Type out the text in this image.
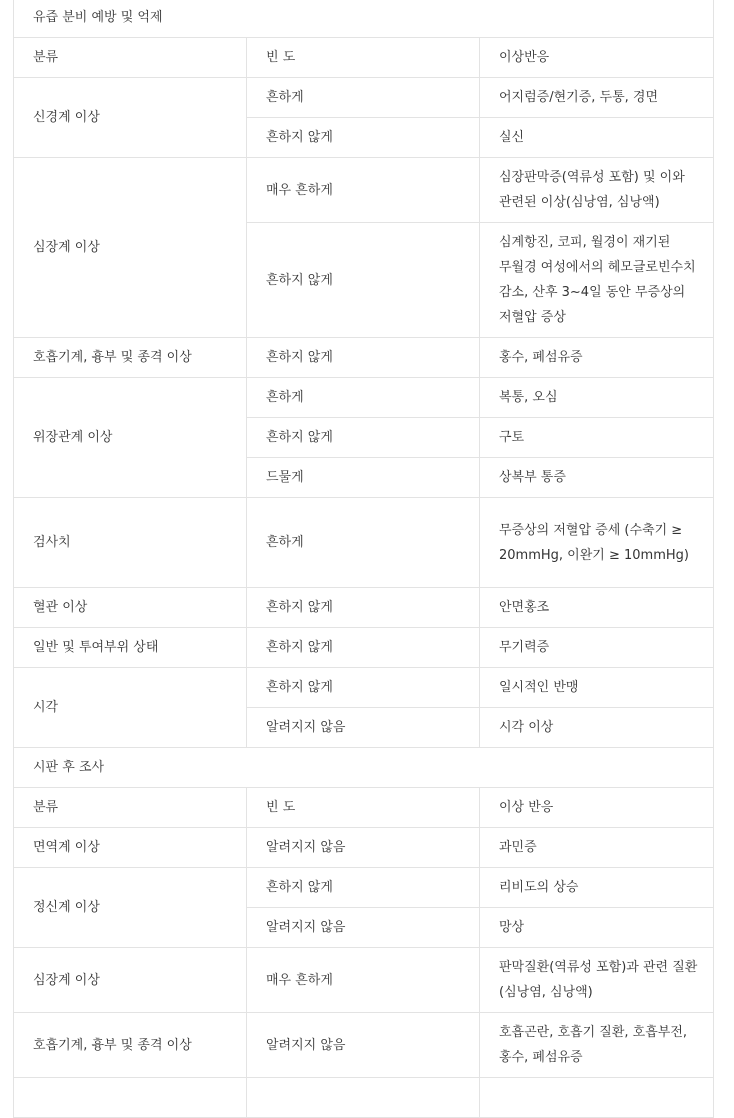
유즙 분비 예방 및 억제		
분류	빈 도	이상반응
신경계 이상	흔하게	어지럼증/현기증, 두통, 경면
	흔하지 않게	실신
심장계 이상	매우 흔하게	심장판막증(역류성 포함) 및 이와 관련된 이상(심낭염, 심낭액)
	흔하지 않게	심계항진, 코피, 월경이 재기된 무월경 여성에서의 헤모글로빈수치 감소, 산후 3~4일 동안 무증상의 저혈압 증상
호흡기계, 흉부 및 종격 이상	흔하지 않게	홍수, 폐섬유증
위장관계 이상	흔하게	복통, 오심
	흔하지 않게	구토
	드물게	상복부 통증
검사치	흔하게	무증상의 저혈압 증세 (수축기 ≥ 20mmHg, 이완기 ≥ 10mmHg)
혈관 이상	흔하지 않게	안면홍조
일반 및 투여부위 상태	흔하지 않게	무기력증
시각	흔하지 않게	일시적인 반맹
	알려지지 않음	시각 이상
시판 후 조사		
분류	빈 도	이상 반응
면역계 이상	알려지지 않음	과민증
정신계 이상	흔하지 않게	리비도의 상승
	알려지지 않음	망상
심장계 이상	매우 흔하게	판막질환(역류성 포함)과 관련 질환(심낭염, 심낭액)
호흡기계, 흉부 및 종격 이상	알려지지 않음	호흡곤란, 호흡기 질환, 호흡부전, 홍수, 폐섬유증
